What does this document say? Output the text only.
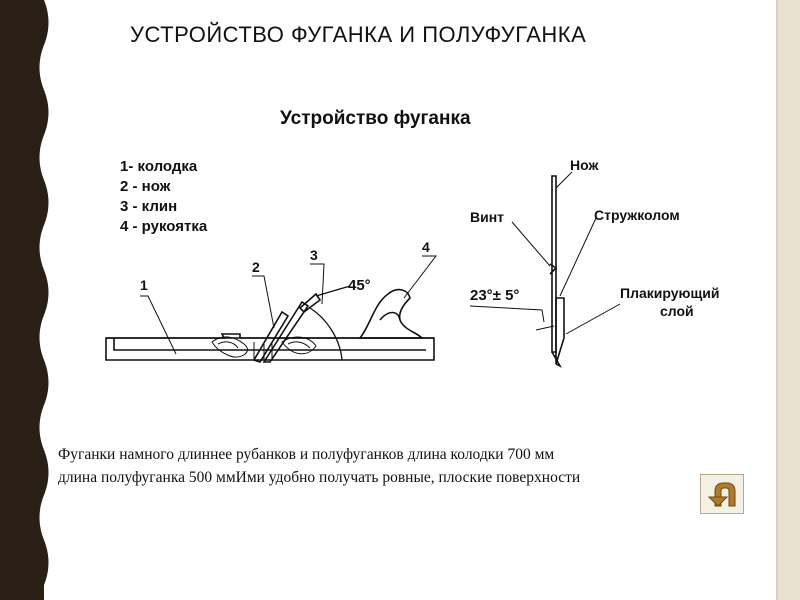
УСТРОЙСТВО ФУГАНКА И ПОЛУФУГАНКА
Устройство фуганка
1- колодка
2 - нож
3 - клин
4 - рукоятка
1
2
3	4
45°
Нож
Винт	Стружколом
23°± 5°	Плакирующий
слой
Фуганки намного длиннее рубанков и полуфуганков длина колодки 700 мм
длина полуфуганка 500 ммИми удобно получать ровные, плоские поверхности
